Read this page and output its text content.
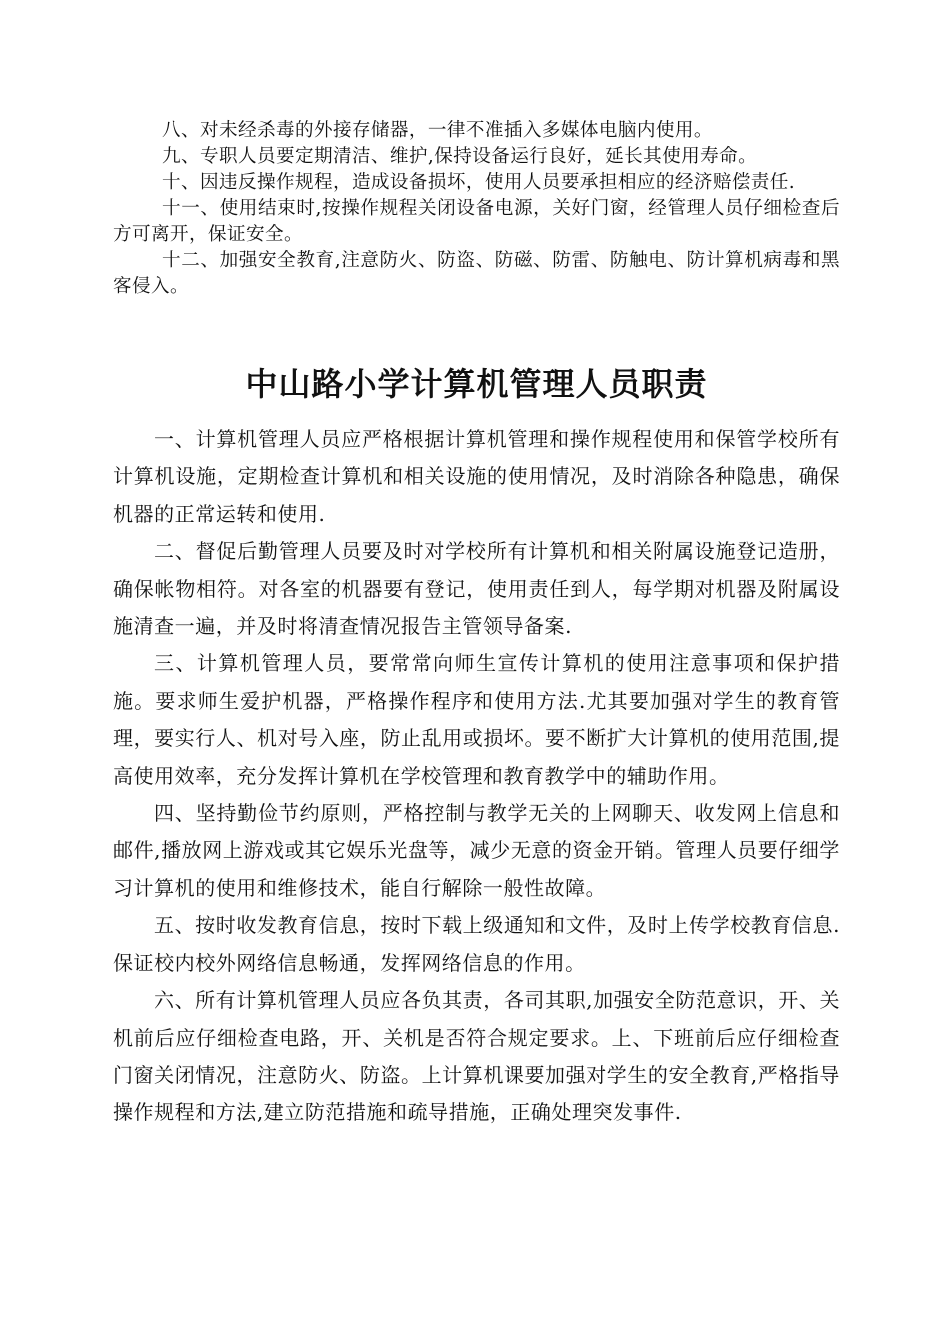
八、对未经杀毒的外接存储器，一律不准插入多媒体电脑内使用。

九、专职人员要定期清洁、维护,保持设备运行良好，延长其使用寿命。

十、因违反操作规程，造成设备损坏，使用人员要承担相应的经济赔偿责任.

十一、使用结束时,按操作规程关闭设备电源，关好门窗，经管理人员仔细检查后方可离开，保证安全。

十二、加强安全教育,注意防火、防盗、防磁、防雷、防触电、防计算机病毒和黑客侵入。

中山路小学计算机管理人员职责

一、计算机管理人员应严格根据计算机管理和操作规程使用和保管学校所有计算机设施，定期检查计算机和相关设施的使用情况，及时消除各种隐患，确保机器的正常运转和使用.

二、督促后勤管理人员要及时对学校所有计算机和相关附属设施登记造册，确保帐物相符。对各室的机器要有登记，使用责任到人，每学期对机器及附属设施清查一遍，并及时将清查情况报告主管领导备案.

三、计算机管理人员，要常常向师生宣传计算机的使用注意事项和保护措施。要求师生爱护机器，严格操作程序和使用方法.尤其要加强对学生的教育管理，要实行人、机对号入座，防止乱用或损坏。要不断扩大计算机的使用范围,提高使用效率，充分发挥计算机在学校管理和教育教学中的辅助作用。

四、坚持勤俭节约原则，严格控制与教学无关的上网聊天、收发网上信息和邮件,播放网上游戏或其它娱乐光盘等，减少无意的资金开销。管理人员要仔细学习计算机的使用和维修技术，能自行解除一般性故障。

五、按时收发教育信息，按时下载上级通知和文件，及时上传学校教育信息.保证校内校外网络信息畅通，发挥网络信息的作用。

六、所有计算机管理人员应各负其责，各司其职,加强安全防范意识，开、关机前后应仔细检查电路，开、关机是否符合规定要求。上、下班前后应仔细检查门窗关闭情况，注意防火、防盗。上计算机课要加强对学生的安全教育,严格指导操作规程和方法,建立防范措施和疏导措施，正确处理突发事件.
